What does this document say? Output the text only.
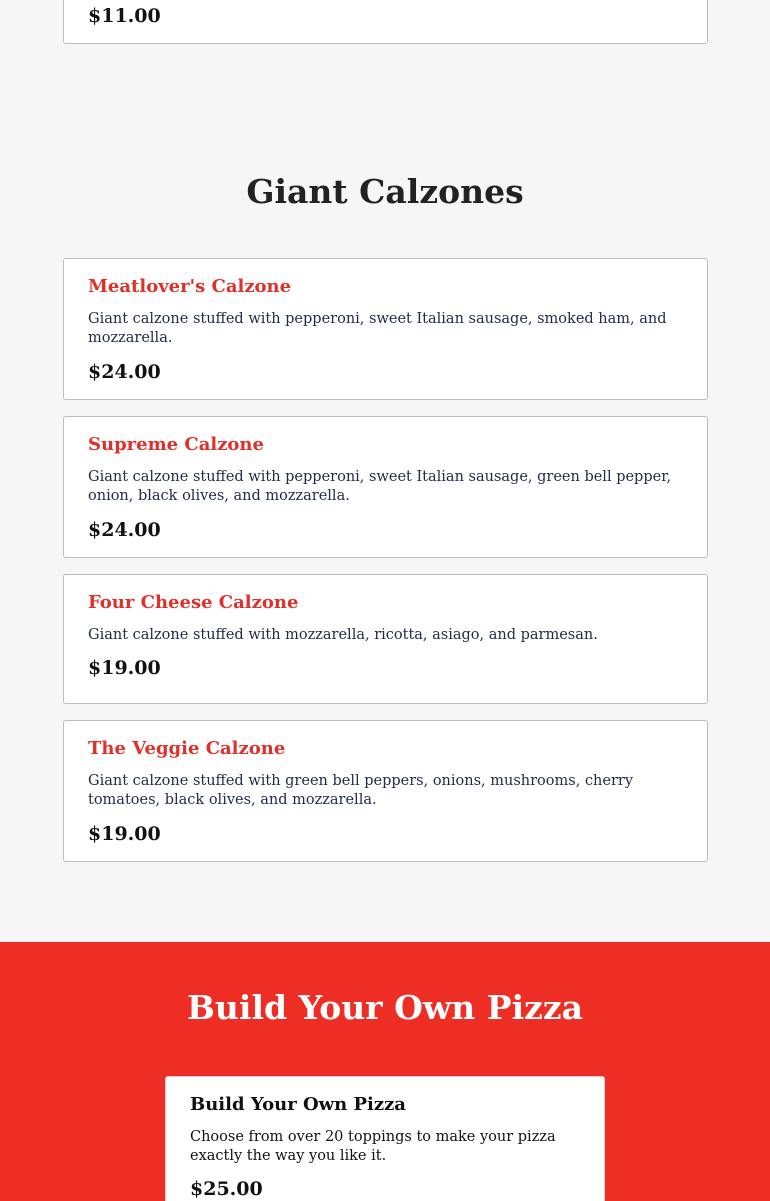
$11.00
Giant Calzones
Meatlover's Calzone
Giant calzone stuffed with pepperoni, sweet Italian sausage, smoked ham, and mozzarella.
$24.00
Supreme Calzone
Giant calzone stuffed with pepperoni, sweet Italian sausage, green bell pepper, onion, black olives, and mozzarella.
$24.00
Four Cheese Calzone
Giant calzone stuffed with mozzarella, ricotta, asiago, and parmesan.
$19.00
The Veggie Calzone
Giant calzone stuffed with green bell peppers, onions, mushrooms, cherry tomatoes, black olives, and mozzarella.
$19.00
Build Your Own Pizza
Build Your Own Pizza
Choose from over 20 toppings to make your pizza exactly the way you like it.
$25.00
